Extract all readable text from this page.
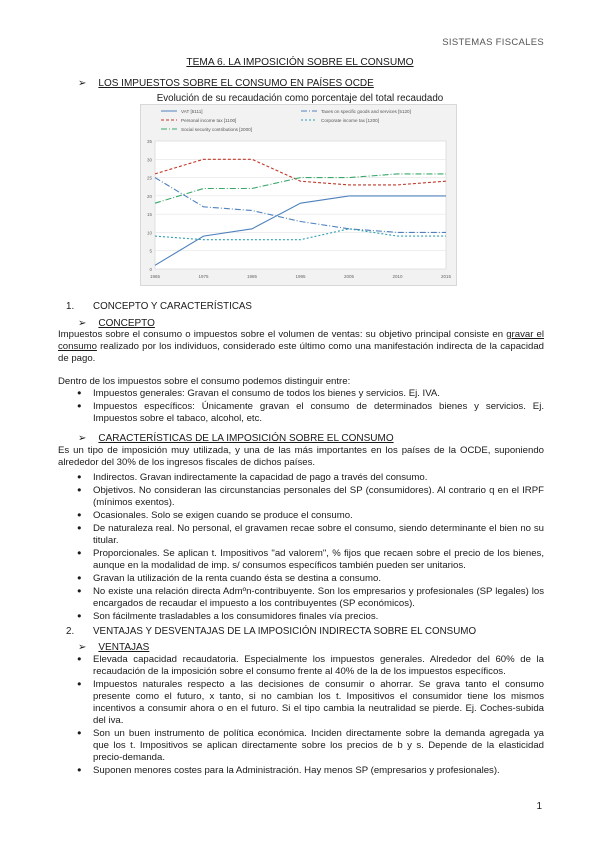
SISTEMAS FISCALES
TEMA 6. LA IMPOSICIÓN SOBRE EL CONSUMO
➢ LOS IMPUESTOS SOBRE EL CONSUMO EN PAÍSES OCDE
Evolución de su recaudación como porcentaje del total recaudado
0
5
10
15
20
25
30
35
1965	1975	1985	1995	2005	2010	2015
VAT [5111]	Taxes on specific goods and services [5120]
Personal income tax [1100]	Corporate income tax [1200]
Social security contributions [2000]
1. CONCEPTO Y CARACTERÍSTICAS
➢ CONCEPTO
Impuestos sobre el consumo o impuestos sobre el volumen de ventas: su objetivo principal consiste en gravar el consumo realizado por los individuos, considerado este último como una manifestación indirecta de la capacidad de pago.
Dentro de los impuestos sobre el consumo podemos distinguir entre:
● Impuestos generales: Gravan el consumo de todos los bienes y servicios. Ej. IVA.
● Impuestos específicos: Únicamente gravan el consumo de determinados bienes y servicios. Ej. Impuestos sobre el tabaco, alcohol, etc.
➢ CARACTERÍSTICAS DE LA IMPOSICIÓN SOBRE EL CONSUMO
Es un tipo de imposición muy utilizada, y una de las más importantes en los países de la OCDE, suponiendo alrededor del 30% de los ingresos fiscales de dichos países.
● Indirectos. Gravan indirectamente la capacidad de pago a través del consumo.
● Objetivos. No consideran las circunstancias personales del SP (consumidores). Al contrario q en el IRPF (mínimos exentos).
● Ocasionales. Solo se exigen cuando se produce el consumo.
● De naturaleza real. No personal, el gravamen recae sobre el consumo, siendo determinante el bien no su titular.
● Proporcionales. Se aplican t. Impositivos "ad valorem", % fijos que recaen sobre el precio de los bienes, aunque en la modalidad de imp. s/ consumos específicos también pueden ser unitarios.
● Gravan la utilización de la renta cuando ésta se destina a consumo.
● No existe una relación directa Admºn-contribuyente. Son los empresarios y profesionales (SP legales) los encargados de recaudar el impuesto a los contribuyentes (SP económicos).
● Son fácilmente trasladables a los consumidores finales vía precios.
2. VENTAJAS Y DESVENTAJAS DE LA IMPOSICIÓN INDIRECTA SOBRE EL CONSUMO
➢ VENTAJAS
● Elevada capacidad recaudatoria. Especialmente los impuestos generales. Alrededor del 60% de la recaudación de la imposición sobre el consumo frente al 40% de la de los impuestos específicos.
● Impuestos naturales respecto a las decisiones de consumir o ahorrar. Se grava tanto el consumo presente como el futuro, x tanto, si no cambian los t. Impositivos el consumidor tiene los mismos incentivos a consumir ahora o en el futuro. Si el tipo cambia la neutralidad se pierde. Ej. Coches-subida del iva.
● Son un buen instrumento de política económica. Inciden directamente sobre la demanda agregada ya que los t. Impositivos se aplican directamente sobre los precios de b y s. Depende de la elasticidad precio-demanda.
● Suponen menores costes para la Administración. Hay menos SP (empresarios y profesionales).
1
